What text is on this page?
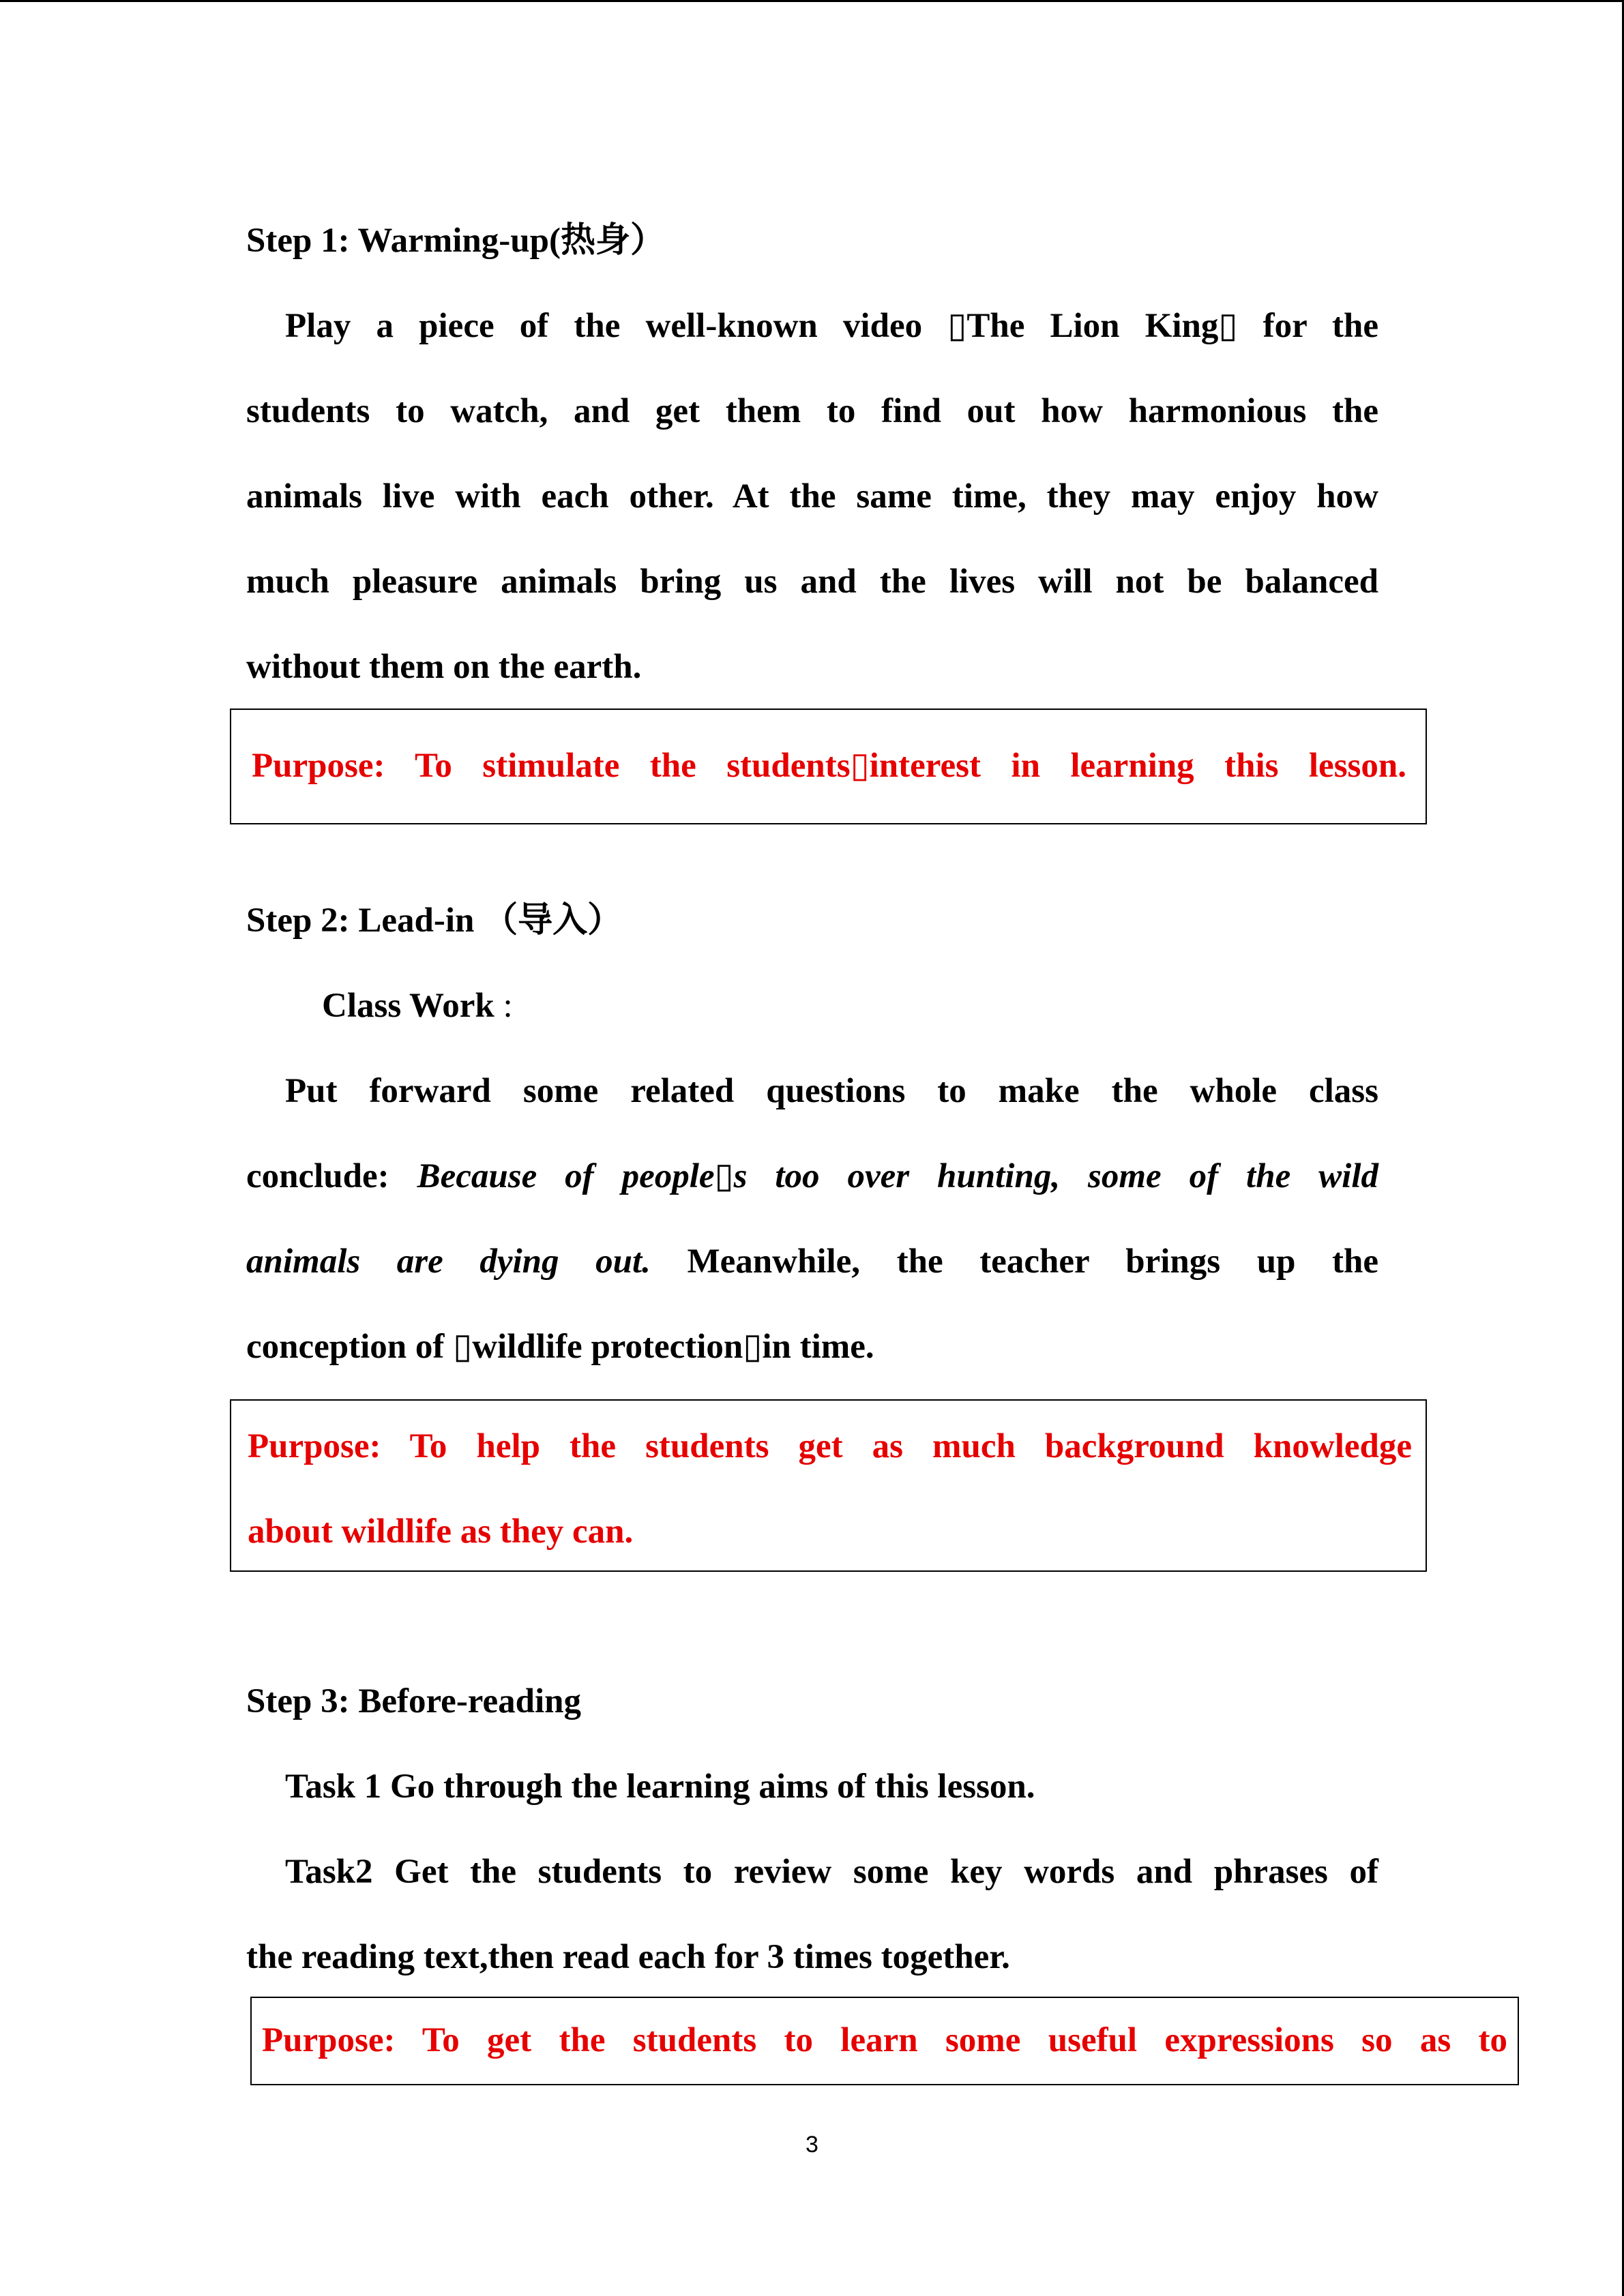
Step 1: Warming-up(热身）
Play a piece of the well-known video ▯The Lion King▯ for the
students to watch, and get them to find out how harmonious the
animals live with each other. At the same time, they may enjoy how
much pleasure animals bring us and the lives will not be balanced
without them on the earth.
Purpose: To stimulate the students▯interest in learning this lesson.
Step 2: Lead-in （导入）
Class Work :
Put forward some related questions to make the whole class
conclude: Because of people▯s too over hunting, some of the wild
animals are dying out. Meanwhile, the teacher brings up the
conception of ▯wildlife protection▯in time.
Purpose: To help the students get as much background knowledge
about wildlife as they can.
Step 3: Before-reading
Task 1 Go through the learning aims of this lesson.
Task2 Get the students to review some key words and phrases of
the reading text,then read each for 3 times together.
Purpose: To get the students to learn some useful expressions so as to
3
